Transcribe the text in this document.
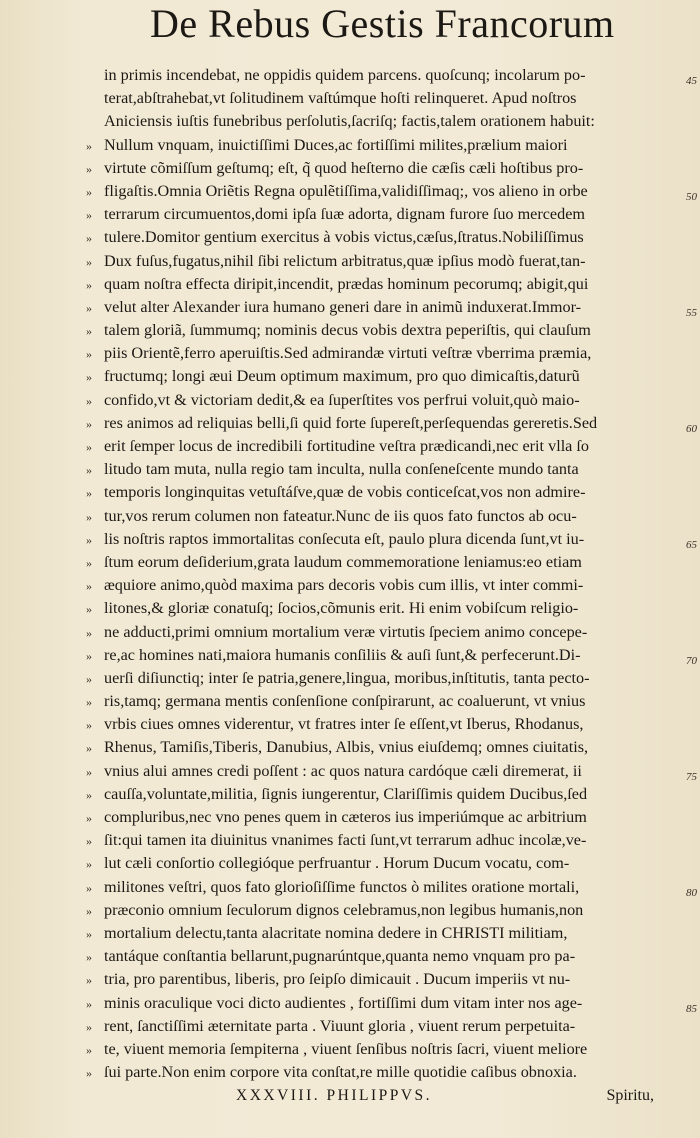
De Rebus Gestis Francorum
in primis incendebat, ne oppidis quidem parcens. quoſcunq; incolarum po-	45
terat,abſtrahebat,vt ſolitudinem vaſtúmque hoſti relinqueret. Apud noſtros
Aniciensis iuſtis funebribus perſolutis,ſacriſq; factis,talem orationem habuit:
» Nullum vnquam, inuictiſſimi Duces,ac fortiſſimi milites,prælium maiori
» virtute cõmiſſum geſtumq; eſt, q̃ quod heſterno die cæſis cæli hoſtibus pro-
» fligaſtis.Omnia Oriẽtis Regna opulẽtiſſima,validiſſimaq;, vos alieno in orbe	50
» terrarum circumuentos,domi ipſa ſuæ adorta, dignam furore ſuo mercedem
» tulere.Domitor gentium exercitus à vobis victus,cæſus,ſtratus.Nobiliſſimus
» Dux fuſus,fugatus,nihil ſibi relictum arbitratus,quæ ipſius modò fuerat,tan-
» quam noſtra effecta diripit,incendit, prædas hominum pecorumq; abigit,qui
» velut alter Alexander iura humano generi dare in animũ induxerat.Immor-	55
» talem gloriã, ſummumq; nominis decus vobis dextra peperiſtis, qui clauſum
» piis Orientẽ,ferro aperuiſtis.Sed admirandæ virtuti veſtræ vberrima præmia,
» fructumq; longi æui Deum optimum maximum, pro quo dimicaſtis,daturũ
» confido,vt & victoriam dedit,& ea ſuperſtites vos perfrui voluit,quò maio-
» res animos ad reliquias belli,ſi quid forte ſupereſt,perſequendas gereretis.Sed	60
» erit ſemper locus de incredibili fortitudine veſtra prædicandi,nec erit vlla ſo
» litudo tam muta, nulla regio tam inculta, nulla conſeneſcente mundo tanta
» temporis longinquitas vetuſtáſve,quæ de vobis conticeſcat,vos non admire-
» tur,vos rerum columen non fateatur.Nunc de iis quos fato functos ab ocu-
» lis noſtris raptos immortalitas conſecuta eſt, paulo plura dicenda ſunt,vt iu-	65
» ſtum eorum deſiderium,grata laudum commemoratione leniamus:eo etiam
» æquiore animo,quòd maxima pars decoris vobis cum illis, vt inter commi-
» litones,& gloriæ conatuſq; ſocios,cõmunis erit. Hi enim vobiſcum religio-
» ne adducti,primi omnium mortalium veræ virtutis ſpeciem animo concepe-
» re,ac homines nati,maiora humanis conſiliis & auſi ſunt,& perfecerunt.Di-	70
» uerſi diſiunctiq; inter ſe patria,genere,lingua, moribus,inſtitutis, tanta pecto-
» ris,tamq; germana mentis conſenſione conſpirarunt, ac coaluerunt, vt vnius
» vrbis ciues omnes viderentur, vt fratres inter ſe eſſent,vt Iberus, Rhodanus,
» Rhenus, Tamiſis,Tiberis, Danubius, Albis, vnius eiuſdemq; omnes ciuitatis,
» vnius alui amnes credi poſſent : ac quos natura cardóque cæli diremerat, ii	75
» cauſſa,voluntate,militia, ſignis iungerentur, Clariſſimis quidem Ducibus,ſed
» compluribus,nec vno penes quem in cæteros ius imperiúmque ac arbitrium
» ſit:qui tamen ita diuinitus vnanimes facti ſunt,vt terrarum adhuc incolæ,ve-
» lut cæli conſortio collegióque perfruantur . Horum Ducum vocatu, com-
» militones veſtri, quos fato glorioſiſſime functos ò milites oratione mortali,	80
» præconio omnium ſeculorum dignos celebramus,non legibus humanis,non
» mortalium delectu,tanta alacritate nomina dedere in CHRISTI militiam,
» tantáque conſtantia bellarunt,pugnarúntque,quanta nemo vnquam pro pa-
» tria, pro parentibus, liberis, pro ſeipſo dimicauit . Ducum imperiis vt nu-
» minis oraculique voci dicto audientes , fortiſſimi dum vitam inter nos age-	85
» rent, ſanctiſſimi æternitate parta . Viuunt gloria , viuent rerum perpetuita-
» te, viuent memoria ſempiterna , viuent ſenſibus noſtris ſacri, viuent meliore
» ſui parte.Non enim corpore vita conſtat,re mille quotidie caſibus obnoxia.
XXXVIII. PHILIPPVS.	Spiritu,
